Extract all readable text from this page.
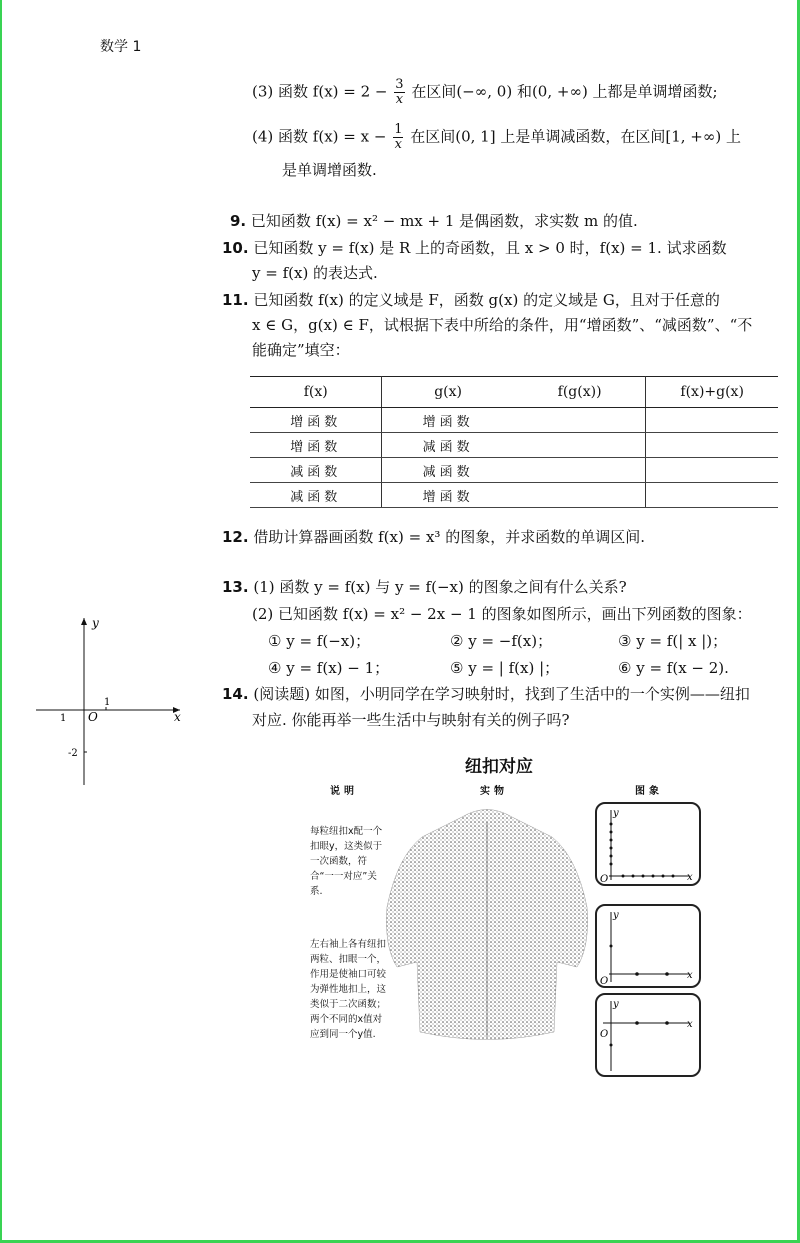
数学 1
(3) 函数 $f(x) = 2 - \frac{3}{x}$ 在区间(−∞, 0) 和(0, +∞) 上都是单调增函数;
(4) 函数 $f(x) = x - \frac{1}{x}$ 在区间(0, 1] 上是单调减函数，在区间[1, +∞) 上
是单调增函数.
9. 已知函数 f(x) = x² − mx + 1 是偶函数，求实数 m 的值.
10. 已知函数 y = f(x) 是 R 上的奇函数，且 x > 0 时，f(x) = 1. 试求函数
y = f(x) 的表达式.
11. 已知函数 f(x) 的定义域是 F，函数 g(x) 的定义域是 G，且对于任意的
x ∈ G，g(x) ∈ F，试根据下表中所给的条件，用“增函数”、“减函数”、“不
能确定”填空：
f(x)	g(x)	f(g(x))	f(x)+g(x)
增函数	增函数		
增函数	减函数		
减函数	减函数		
减函数	增函数		
12. 借助计算器画函数 f(x) = x³ 的图象，并求函数的单调区间.
13. (1) 函数 y = f(x) 与 y = f(−x) 的图象之间有什么关系?
(2) 已知函数 f(x) = x² − 2x − 1 的图象如图所示，画出下列函数的图象：
① y = f(−x)；	② y = −f(x)；	③ y = f(| x |)；
④ y = f(x) − 1；	⑤ y = | f(x) |；	⑥ y = f(x − 2).
14. (阅读题) 如图，小明同学在学习映射时，找到了生活中的一个实例——纽扣
对应. 你能再举一些生活中与映射有关的例子吗?
y
x
O
1
1
-2
纽扣对应
说明	实物	图象
每粒纽扣x配一个扣眼y，这类似于一次函数，符合“一一对应”关系.
左右袖上各有纽扣两粒、扣眼一个，作用是使袖口可较为弹性地扣上，这类似于二次函数；两个不同的x值对应到同一个y值.
y
x
O
y
x
O
y
x
O
